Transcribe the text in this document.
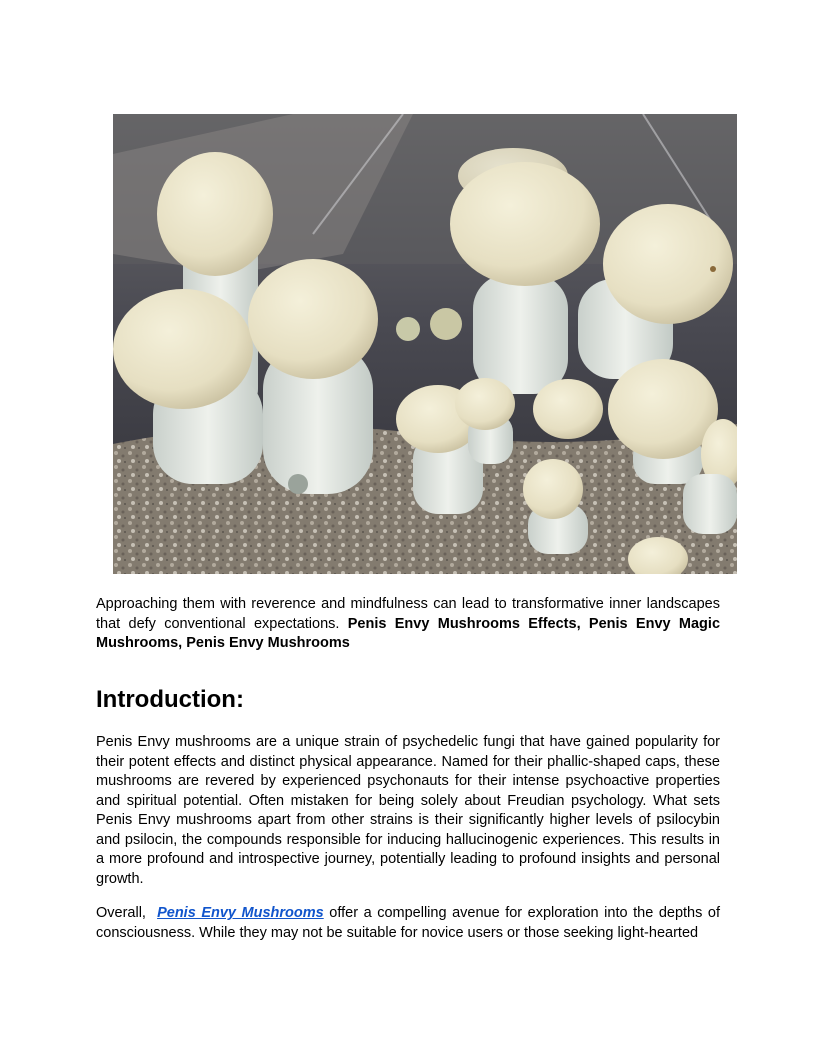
Approaching them with reverence and mindfulness can lead to transformative inner landscapes that defy conventional expectations. Penis Envy Mushrooms Effects, Penis Envy Magic Mushrooms, Penis Envy Mushrooms
Introduction:
Penis Envy mushrooms are a unique strain of psychedelic fungi that have gained popularity for their potent effects and distinct physical appearance. Named for their phallic-shaped caps, these mushrooms are revered by experienced psychonauts for their intense psychoactive properties and spiritual potential. Often mistaken for being solely about Freudian psychology. What sets Penis Envy mushrooms apart from other strains is their significantly higher levels of psilocybin and psilocin, the compounds responsible for inducing hallucinogenic experiences. This results in a more profound and introspective journey, potentially leading to profound insights and personal growth.
Overall,  Penis Envy Mushrooms offer a compelling avenue for exploration into the depths of consciousness. While they may not be suitable for novice users or those seeking light-hearted
